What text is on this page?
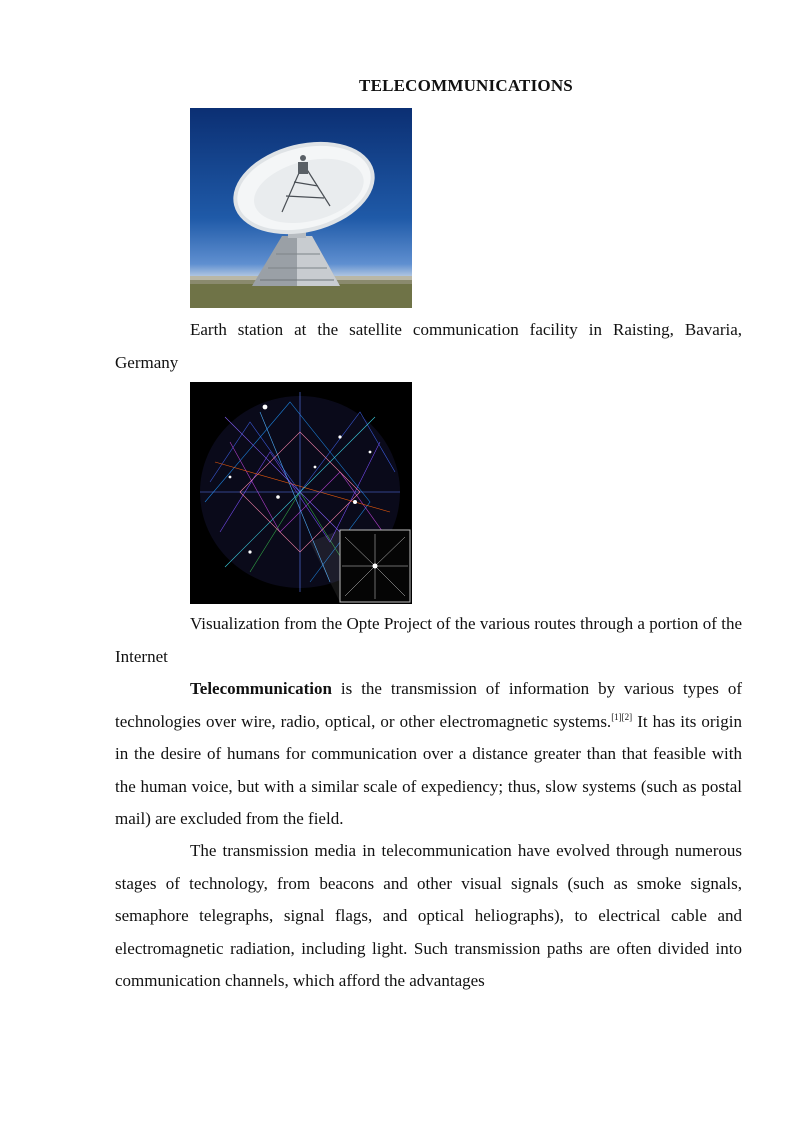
TELECOMMUNICATIONS

Earth station at the satellite communication facility in Raisting, Bavaria, Germany

Visualization from the Opte Project of the various routes through a portion of the Internet

Telecommunication is the transmission of information by various types of technologies over wire, radio, optical, or other electromagnetic systems.[1][2] It has its origin in the desire of humans for communication over a distance greater than that feasible with the human voice, but with a similar scale of expediency; thus, slow systems (such as postal mail) are excluded from the field.

The transmission media in telecommunication have evolved through numerous stages of technology, from beacons and other visual signals (such as smoke signals, semaphore telegraphs, signal flags, and optical heliographs), to electrical cable and electromagnetic radiation, including light. Such transmission paths are often divided into communication channels, which afford the advantages
